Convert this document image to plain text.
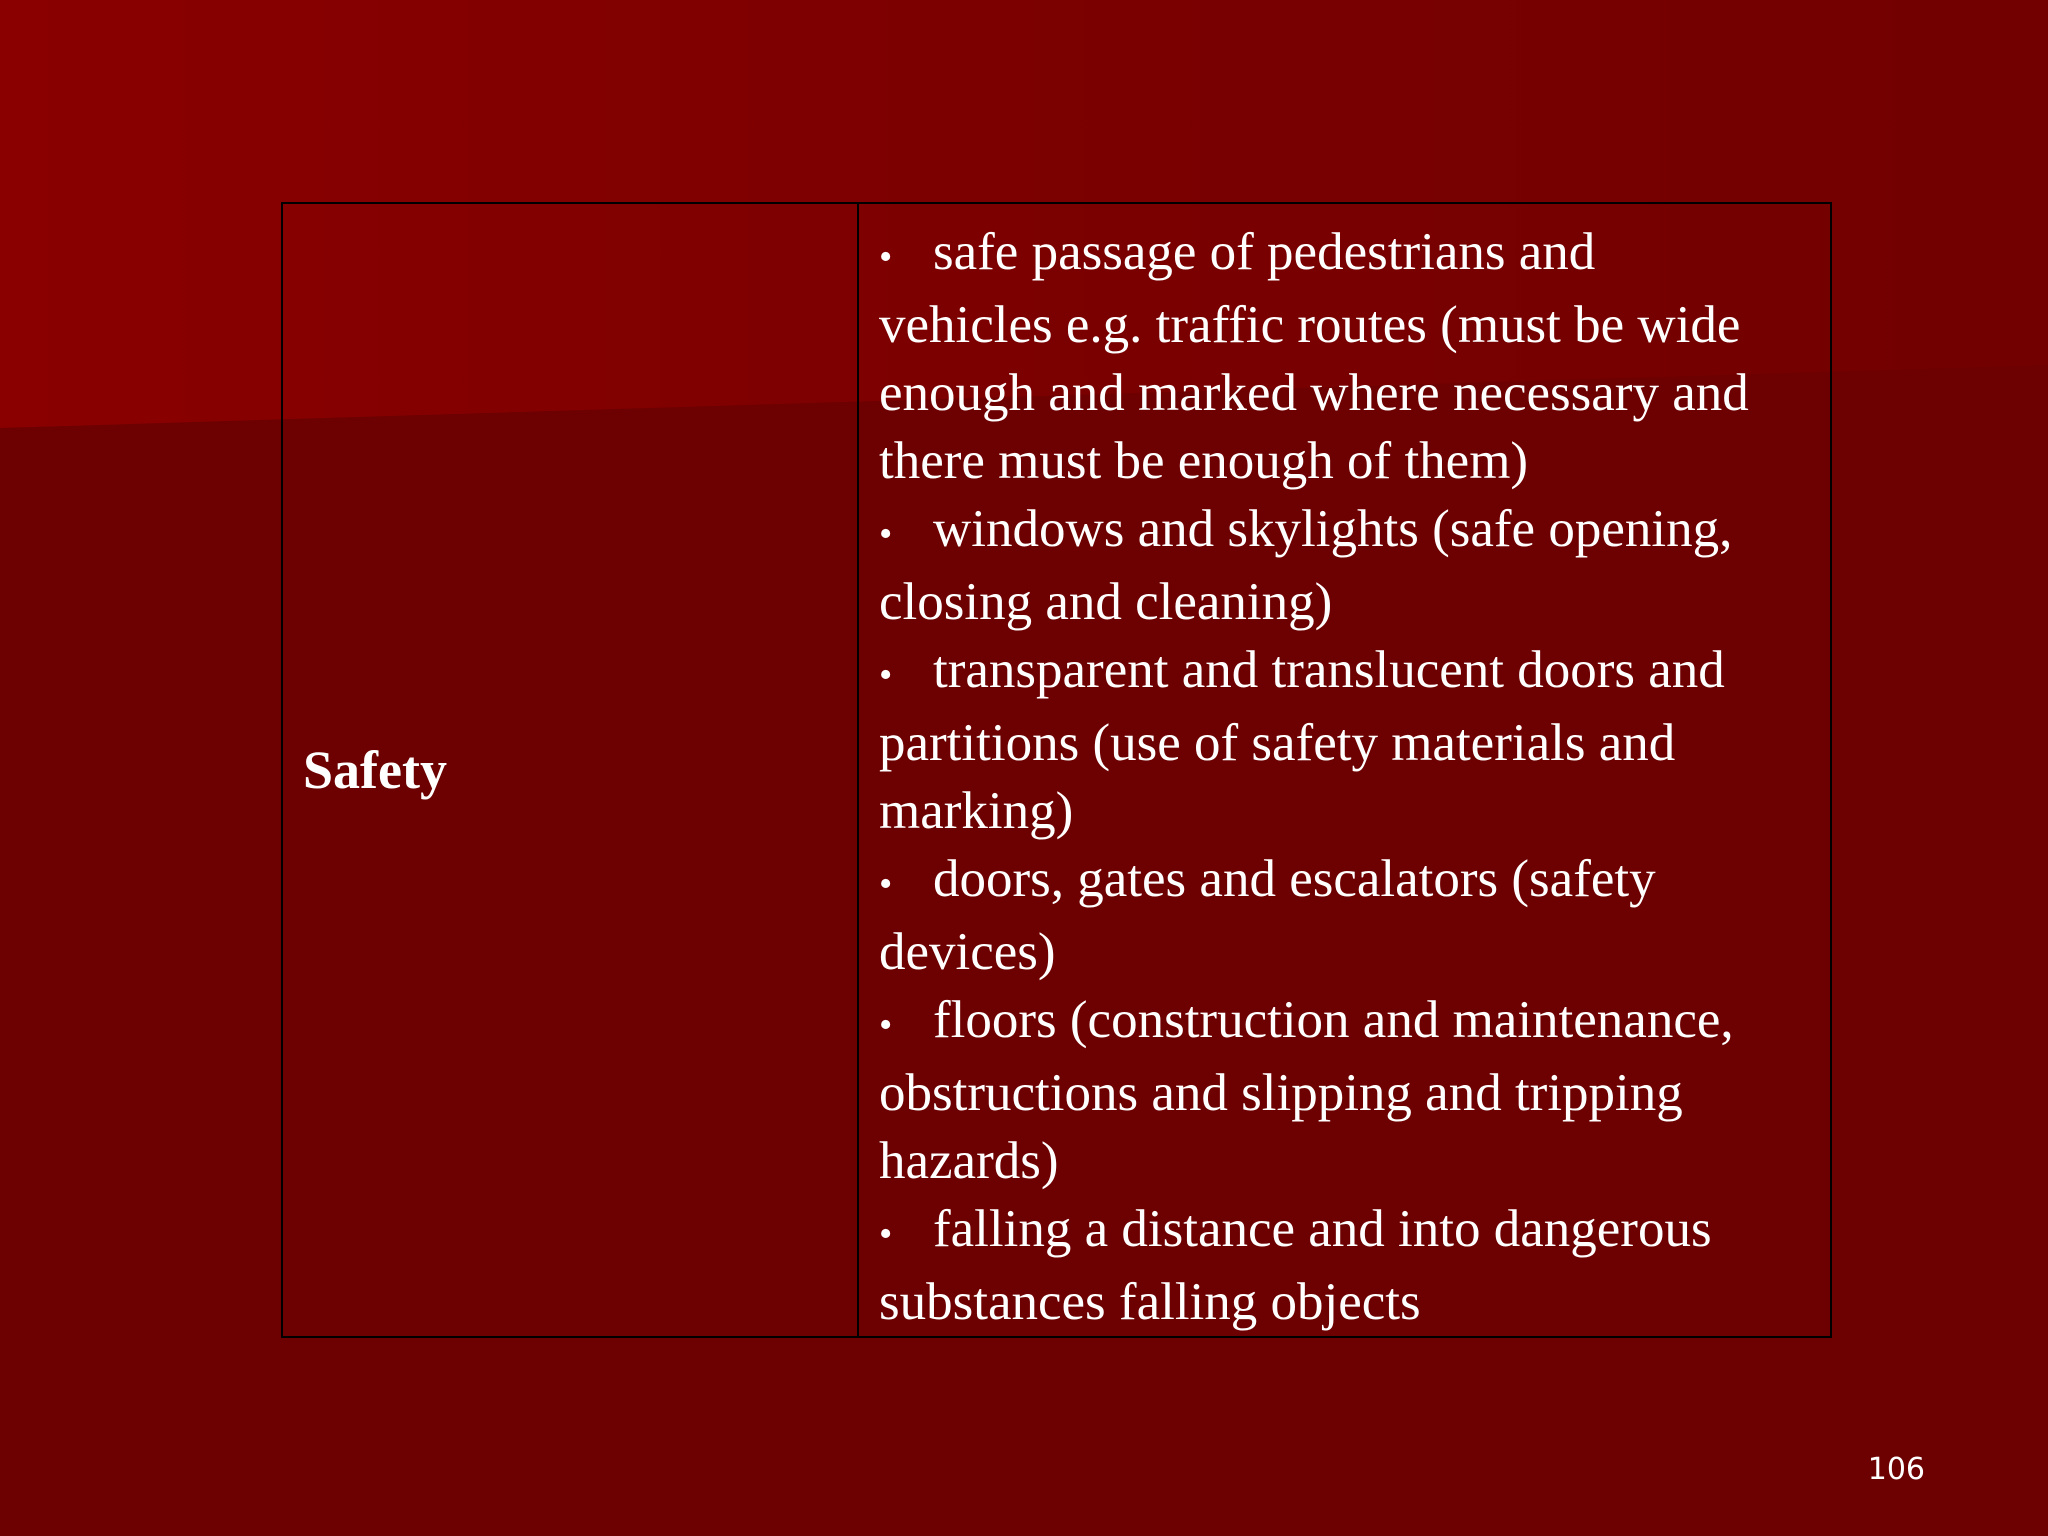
Safety	
• safe passage of pedestrians and
vehicles e.g. traffic routes (must be wide
enough and marked where necessary and
there must be enough of them)
• windows and skylights (safe opening,
closing and cleaning)
• transparent and translucent doors and
partitions (use of safety materials and
marking)
• doors, gates and escalators (safety
devices)
• floors (construction and maintenance,
obstructions and slipping and tripping
hazards)
• falling a distance and into dangerous
substances falling objects
106
